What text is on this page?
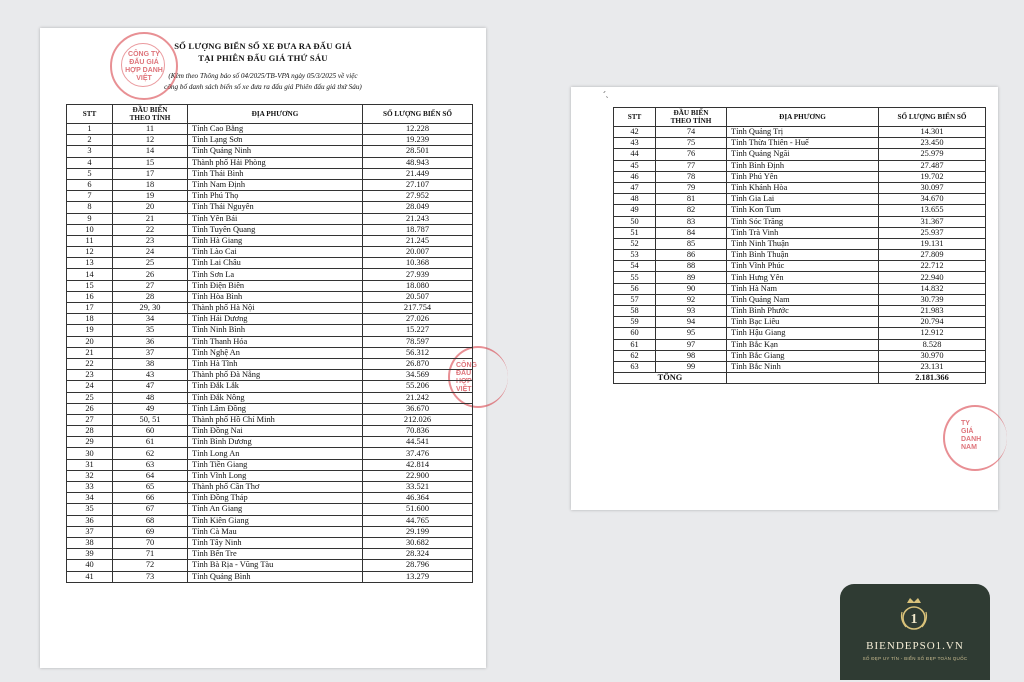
SỐ LƯỢNG BIỂN SỐ XE ĐƯA RA ĐẤU GIÁ
TẠI PHIÊN ĐẤU GIÁ THỨ SÁU
(Kèm theo Thông báo số 04/2025/TB-VPA ngày 05/3/2025 về việc
công bố danh sách biển số xe đưa ra đấu giá Phiên đấu giá thứ Sáu)
CÔNG TY
ĐẤU GIÁ
HỢP DANH
VIỆT
CÔNG
ĐẤU
HỢP
VIỆT
STT	ĐẦU BIỂN
THEO TỈNH	ĐỊA PHƯƠNG	SỐ LƯỢNG BIỂN SỐ
1	11	Tỉnh Cao Bằng	12.228
2	12	Tỉnh Lạng Sơn	19.239
3	14	Tỉnh Quảng Ninh	28.501
4	15	Thành phố Hải Phòng	48.943
5	17	Tỉnh Thái Bình	21.449
6	18	Tỉnh Nam Định	27.107
7	19	Tỉnh Phú Thọ	27.952
8	20	Tỉnh Thái Nguyên	28.049
9	21	Tỉnh Yên Bái	21.243
10	22	Tỉnh Tuyên Quang	18.787
11	23	Tỉnh Hà Giang	21.245
12	24	Tỉnh Lào Cai	20.007
13	25	Tỉnh Lai Châu	10.368
14	26	Tỉnh Sơn La	27.939
15	27	Tỉnh Điện Biên	18.080
16	28	Tỉnh Hòa Bình	20.507
17	29, 30	Thành phố Hà Nội	217.754
18	34	Tỉnh Hải Dương	27.026
19	35	Tỉnh Ninh Bình	15.227
20	36	Tỉnh Thanh Hóa	78.597
21	37	Tỉnh Nghệ An	56.312
22	38	Tỉnh Hà Tĩnh	26.870
23	43	Thành phố Đà Nẵng	34.569
24	47	Tỉnh Đắk Lắk	55.206
25	48	Tỉnh Đắk Nông	21.242
26	49	Tỉnh Lâm Đồng	36.670
27	50, 51	Thành phố Hồ Chí Minh	212.026
28	60	Tỉnh Đồng Nai	70.836
29	61	Tỉnh Bình Dương	44.541
30	62	Tỉnh Long An	37.476
31	63	Tỉnh Tiền Giang	42.814
32	64	Tỉnh Vĩnh Long	22.900
33	65	Thành phố Cần Thơ	33.521
34	66	Tỉnh Đồng Tháp	46.364
35	67	Tỉnh An Giang	51.600
36	68	Tỉnh Kiên Giang	44.765
37	69	Tỉnh Cà Mau	29.199
38	70	Tỉnh Tây Ninh	30.682
39	71	Tỉnh Bến Tre	28.324
40	72	Tỉnh Bà Rịa - Vũng Tàu	28.796
41	73	Tỉnh Quảng Bình	13.279
ˊ˴
STT	ĐẦU BIỂN
THEO TỈNH	ĐỊA PHƯƠNG	SỐ LƯỢNG BIỂN SỐ
42	74	Tỉnh Quảng Trị	14.301
43	75	Tỉnh Thừa Thiên - Huế	23.450
44	76	Tỉnh Quảng Ngãi	25.979
45	77	Tỉnh Bình Định	27.487
46	78	Tỉnh Phú Yên	19.702
47	79	Tỉnh Khánh Hòa	30.097
48	81	Tỉnh Gia Lai	34.670
49	82	Tỉnh Kon Tum	13.655
50	83	Tỉnh Sóc Trăng	31.367
51	84	Tỉnh Trà Vinh	25.937
52	85	Tỉnh Ninh Thuận	19.131
53	86	Tỉnh Bình Thuận	27.809
54	88	Tỉnh Vĩnh Phúc	22.712
55	89	Tỉnh Hưng Yên	22.940
56	90	Tỉnh Hà Nam	14.832
57	92	Tỉnh Quảng Nam	30.739
58	93	Tỉnh Bình Phước	21.983
59	94	Tỉnh Bạc Liêu	20.794
60	95	Tỉnh Hậu Giang	12.912
61	97	Tỉnh Bắc Kạn	8.528
62	98	Tỉnh Bắc Giang	30.970
63	99	Tỉnh Bắc Ninh	23.131
TỔNG			2.181.366
TY
GIÁ
DANH
NAM
1
BIENDEPSO1.VN
SỐ ĐẸP UY TÍN - BIỂN SỐ ĐẸP TOÀN QUỐC
